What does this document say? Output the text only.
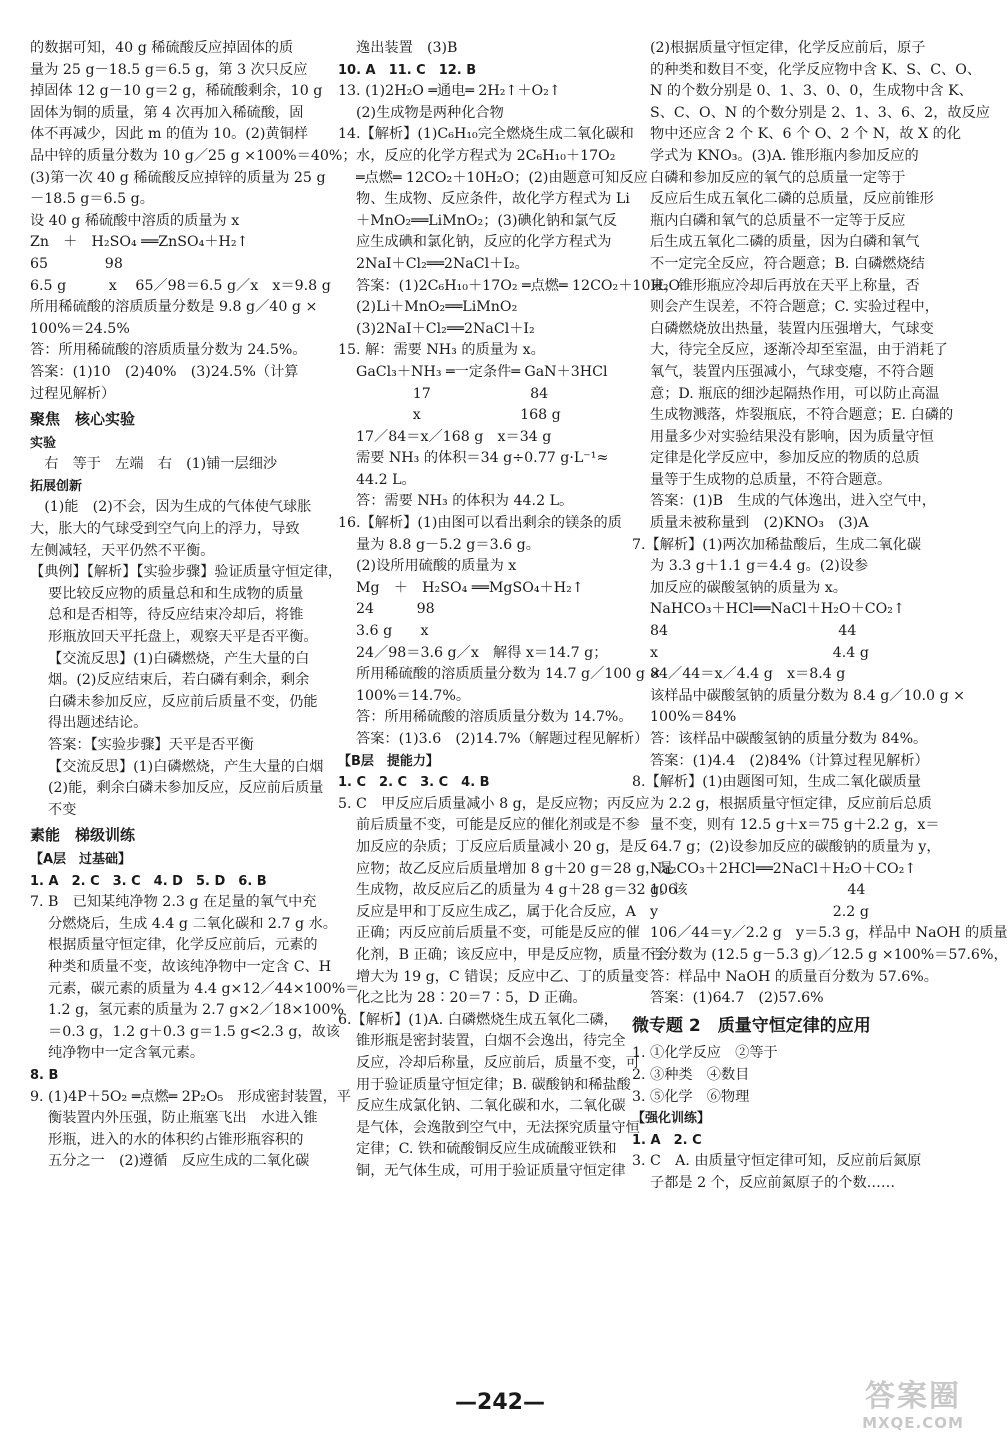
的数据可知，40 g 稀硫酸反应掉固体的质
量为 25 g－18.5 g＝6.5 g，第 3 次只反应
掉固体 12 g－10 g＝2 g，稀硫酸剩余，10 g
固体为铜的质量，第 4 次再加入稀硫酸，固
体不再减少，因此 m 的值为 10。(2)黄铜样
品中锌的质量分数为 10 g／25 g ×100%＝40%；
(3)第一次 40 g 稀硫酸反应掉锌的质量为 25 g
－18.5 g＝6.5 g。
设 40 g 稀硫酸中溶质的质量为 x
Zn　＋　H₂SO₄ ══ZnSO₄＋H₂↑
65　　　　98
6.5 g　　　x　 65／98＝6.5 g／x　x＝9.8 g
所用稀硫酸的溶质质量分数是 9.8 g／40 g ×
100%＝24.5%
答：所用稀硫酸的溶质质量分数为 24.5%。
答案：(1)10　(2)40%　(3)24.5%（计算
过程见解析）
聚焦　核心实验
实验
　右　等于　左端　右　(1)铺一层细沙
拓展创新
　(1)能　(2)不会，因为生成的气体使气球胀
大，胀大的气球受到空气向上的浮力，导致
左侧减轻，天平仍然不平衡。
【典例】【解析】【实验步骤】验证质量守恒定律，
要比较反应物的质量总和和生成物的质量
总和是否相等，待反应结束冷却后，将锥
形瓶放回天平托盘上，观察天平是否平衡。
【交流反思】(1)白磷燃烧，产生大量的白
烟。(2)反应结束后，若白磷有剩余，剩余
白磷未参加反应，反应前后质量不变，仍能
得出题述结论。
答案：【实验步骤】天平是否平衡
【交流反思】(1)白磷燃烧，产生大量的白烟
(2)能，剩余白磷未参加反应，反应前后质量
不变
素能　梯级训练
【A层　过基础】
1. A　2. C　3. C　4. D　5. D　6. B
7. B　已知某纯净物 2.3 g 在足量的氧气中充
分燃烧后，生成 4.4 g 二氧化碳和 2.7 g 水。
根据质量守恒定律，化学反应前后，元素的
种类和质量不变，故该纯净物中一定含 C、H
元素，碳元素的质量为 4.4 g×12／44×100%＝
1.2 g，氢元素的质量为 2.7 g×2／18×100%
＝0.3 g，1.2 g＋0.3 g＝1.5 g<2.3 g，故该
纯净物中一定含氧元素。
8. B
9. (1)4P＋5O₂ ═点燃═ 2P₂O₅　形成密封装置，平
衡装置内外压强，防止瓶塞飞出　水进入锥
形瓶，进入的水的体积约占锥形瓶容积的
五分之一　(2)遵循　反应生成的二氧化碳
逸出装置　(3)B
10. A　11. C　12. B
13. (1)2H₂O ═通电═ 2H₂↑＋O₂↑
(2)生成物是两种化合物
14.【解析】(1)C₆H₁₀完全燃烧生成二氧化碳和
水，反应的化学方程式为 2C₆H₁₀＋17O₂
═点燃═ 12CO₂＋10H₂O；(2)由题意可知反应
物、生成物、反应条件，故化学方程式为 Li
＋MnO₂══LiMnO₂；(3)碘化钠和氯气反
应生成碘和氯化钠，反应的化学方程式为
2NaI＋Cl₂══2NaCl＋I₂。
答案：(1)2C₆H₁₀＋17O₂ ═点燃═ 12CO₂＋10H₂O
(2)Li＋MnO₂══LiMnO₂
(3)2NaI＋Cl₂══2NaCl＋I₂
15. 解：需要 NH₃ 的质量为 x。
GaCl₃＋NH₃ ═一定条件═ GaN＋3HCl
　　　　17　　　　　　　84
　　　　x　　　　　　　168 g
17／84＝x／168 g　x＝34 g
需要 NH₃ 的体积＝34 g÷0.77 g·L⁻¹≈
44.2 L。
答：需要 NH₃ 的体积为 44.2 L。
16.【解析】(1)由图可以看出剩余的镁条的质
量为 8.8 g－5.2 g＝3.6 g。
(2)设所用硫酸的质量为 x
Mg　＋　H₂SO₄ ══MgSO₄＋H₂↑
24　　　98
3.6 g　　x
24／98＝3.6 g／x　解得 x＝14.7 g；
所用稀硫酸的溶质质量分数为 14.7 g／100 g ×
100%＝14.7%。
答：所用稀硫酸的溶质质量分数为 14.7%。
答案：(1)3.6　(2)14.7%（解题过程见解析）
【B层　提能力】
1. C　2. C　3. C　4. B
5. C　甲反应后质量减小 8 g，是反应物；丙反应
前后质量不变，可能是反应的催化剂或是不参
加反应的杂质；丁反应后质量减小 20 g，是反
应物；故乙反应后质量增加 8 g＋20 g＝28 g，是
生成物，故反应后乙的质量为 4 g＋28 g＝32 g。该
反应是甲和丁反应生成乙，属于化合反应，A
正确；丙反应前后质量不变，可能是反应的催
化剂，B 正确；该反应中，甲是反应物，质量不会
增大为 19 g，C 错误；反应中乙、丁的质量变
化之比为 28∶20＝7∶5，D 正确。
6.【解析】(1)A. 白磷燃烧生成五氧化二磷，
锥形瓶是密封装置，白烟不会逸出，待完全
反应，冷却后称量，反应前后，质量不变，可
用于验证质量守恒定律；B. 碳酸钠和稀盐酸
反应生成氯化钠、二氧化碳和水，二氧化碳
是气体，会逸散到空气中，无法探究质量守恒
定律；C. 铁和硫酸铜反应生成硫酸亚铁和
铜，无气体生成，可用于验证质量守恒定律
(2)根据质量守恒定律，化学反应前后，原子
的种类和数目不变，化学反应物中含 K、S、C、O、
N 的个数分别是 0、1、3、0、0，生成物中含 K、
S、C、O、N 的个数分别是 2、1、3、6、2，故反应
物中还应含 2 个 K、6 个 O、2 个 N，故 X 的化
学式为 KNO₃。(3)A. 锥形瓶内参加反应的
白磷和参加反应的氧气的总质量一定等于
反应后生成五氧化二磷的总质量，反应前锥形
瓶内白磷和氧气的总质量不一定等于反应
后生成五氧化二磷的质量，因为白磷和氧气
不一定完全反应，符合题意；B. 白磷燃烧结
束，锥形瓶应冷却后再放在天平上称量，否
则会产生误差，不符合题意；C. 实验过程中，
白磷燃烧放出热量，装置内压强增大，气球变
大，待完全反应，逐渐冷却至室温，由于消耗了
氧气，装置内压强减小，气球变瘪，不符合题
意；D. 瓶底的细沙起隔热作用，可以防止高温
生成物溅落，炸裂瓶底，不符合题意；E. 白磷的
用量多少对实验结果没有影响，因为质量守恒
定律是化学反应中，参加反应的物质的总质
量等于生成物的总质量，不符合题意。
答案：(1)B　生成的气体逸出，进入空气中，
质量未被称量到　(2)KNO₃　(3)A
7.【解析】(1)两次加稀盐酸后，生成二氧化碳
为 3.3 g＋1.1 g＝4.4 g。(2)设参
加反应的碳酸氢钠的质量为 x。
NaHCO₃＋HCl══NaCl＋H₂O＋CO₂↑
84　　　　　　　　　　　　44
x　　　　　　　　　　　　 4.4 g
84／44＝x／4.4 g　x＝8.4 g
该样品中碳酸氢钠的质量分数为 8.4 g／10.0 g ×
100%＝84%
答：该样品中碳酸氢钠的质量分数为 84%。
答案：(1)4.4　(2)84%（计算过程见解析）
8.【解析】(1)由题图可知，生成二氧化碳质量
为 2.2 g，根据质量守恒定律，反应前后总质
量不变，则有 12.5 g＋x＝75 g＋2.2 g，x＝
64.7 g；(2)设参加反应的碳酸钠的质量为 y，
Na₂CO₃＋2HCl══2NaCl＋H₂O＋CO₂↑
106　　　　　　　　　　　　44
y　　　　　　　　　　　　 2.2 g
106／44＝y／2.2 g　y＝5.3 g，样品中 NaOH 的质量
百分数为 (12.5 g－5.3 g)／12.5 g ×100%＝57.6%，
答：样品中 NaOH 的质量百分数为 57.6%。
答案：(1)64.7　(2)57.6%
微专题 2　质量守恒定律的应用
1. ①化学反应　②等于
2. ③种类　④数目
3. ⑤化学　⑥物理
【强化训练】
1. A　2. C
3. C　A. 由质量守恒定律可知，反应前后氮原
子都是 2 个，反应前氮原子的个数……
—242—	答案圈
MXQE.COM
